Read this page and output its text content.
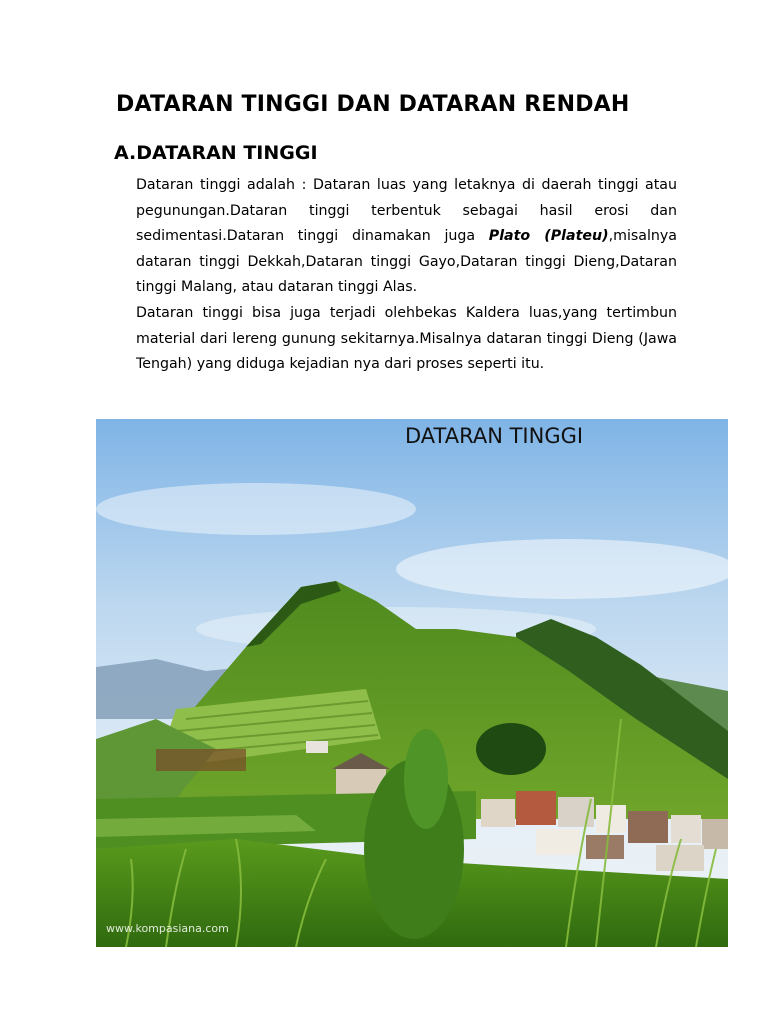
DATARAN TINGGI DAN DATARAN RENDAH
A.DATARAN TINGGI

Dataran tinggi adalah : Dataran luas yang letaknya di daerah tinggi atau pegunungan.Dataran tinggi terbentuk sebagai hasil erosi dan sedimentasi.Dataran tinggi dinamakan juga Plato (Plateu),misalnya dataran tinggi Dekkah,Dataran tinggi Gayo,Dataran tinggi Dieng,Dataran tinggi Malang, atau dataran tinggi Alas.

Dataran tinggi bisa juga terjadi olehbekas Kaldera luas,yang tertimbun material dari lereng gunung sekitarnya.Misalnya dataran tinggi Dieng (Jawa Tengah) yang diduga kejadian nya dari proses seperti itu.

DATARAN TINGGI
www.kompasiana.com
